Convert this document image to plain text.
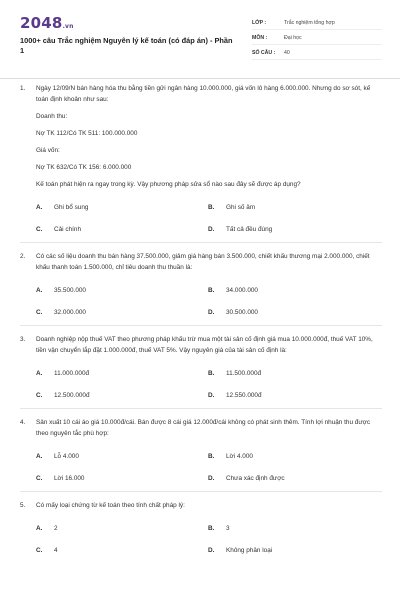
2048.vn
1000+ câu Trắc nghiệm Nguyên lý kế toán (có đáp án) - Phần 1
LỚP :	Trắc nghiệm tổng hợp
MÔN :	Đại học
SỐ CÂU :	40
1.	Ngày 12/09/N bán hàng hóa thu bằng tiền gửi ngân hàng 10.000.000, giá vốn lô hàng 6.000.000. Nhưng do sơ sót, kế toán định khoản như sau:
Doanh thu:
Nợ TK 112/Có TK 511: 100.000.000
Giá vốn:
Nợ TK 632/Có TK 156: 6.000.000
Kế toán phát hiện ra ngay trong kỳ. Vậy phương pháp sửa sổ nào sau đây sẽ được áp dụng?
A.	Ghi bổ sung	B.	Ghi số âm
C.	Cải chính	D.	Tất cả đều đúng
2.	Có các số liệu doanh thu bán hàng 37.500.000, giảm giá hàng bán 3.500.000, chiết khấu thương mại 2.000.000, chiết khấu thanh toán 1.500.000, chỉ tiêu doanh thu thuần là:
A.	35.500.000	B.	34.000.000
C.	32.000.000	D.	30.500.000
3.	Doanh nghiệp nộp thuế VAT theo phương pháp khấu trừ mua một tài sản cố định giá mua 10.000.000đ, thuế VAT 10%, tiền vận chuyển lắp đặt 1.000.000đ, thuế VAT 5%. Vậy nguyên giá của tài sản cố định là:
A.	11.000.000đ	B.	11.500.000đ
C.	12.500.000đ	D.	12.550.000đ
4.	Sản xuất 10 cái áo giá 10.000đ/cái. Bán được 8 cái giá 12.000đ/cái không có phát sinh thêm. Tính lợi nhuận thu được theo nguyên tắc phù hợp:
A.	Lỗ 4.000	B.	Lời 4.000
C.	Lời 16.000	D.	Chưa xác định được
5.	Có mấy loại chứng từ kế toán theo tính chất pháp lý:
A.	2	B.	3
C.	4	D.	Không phân loại
